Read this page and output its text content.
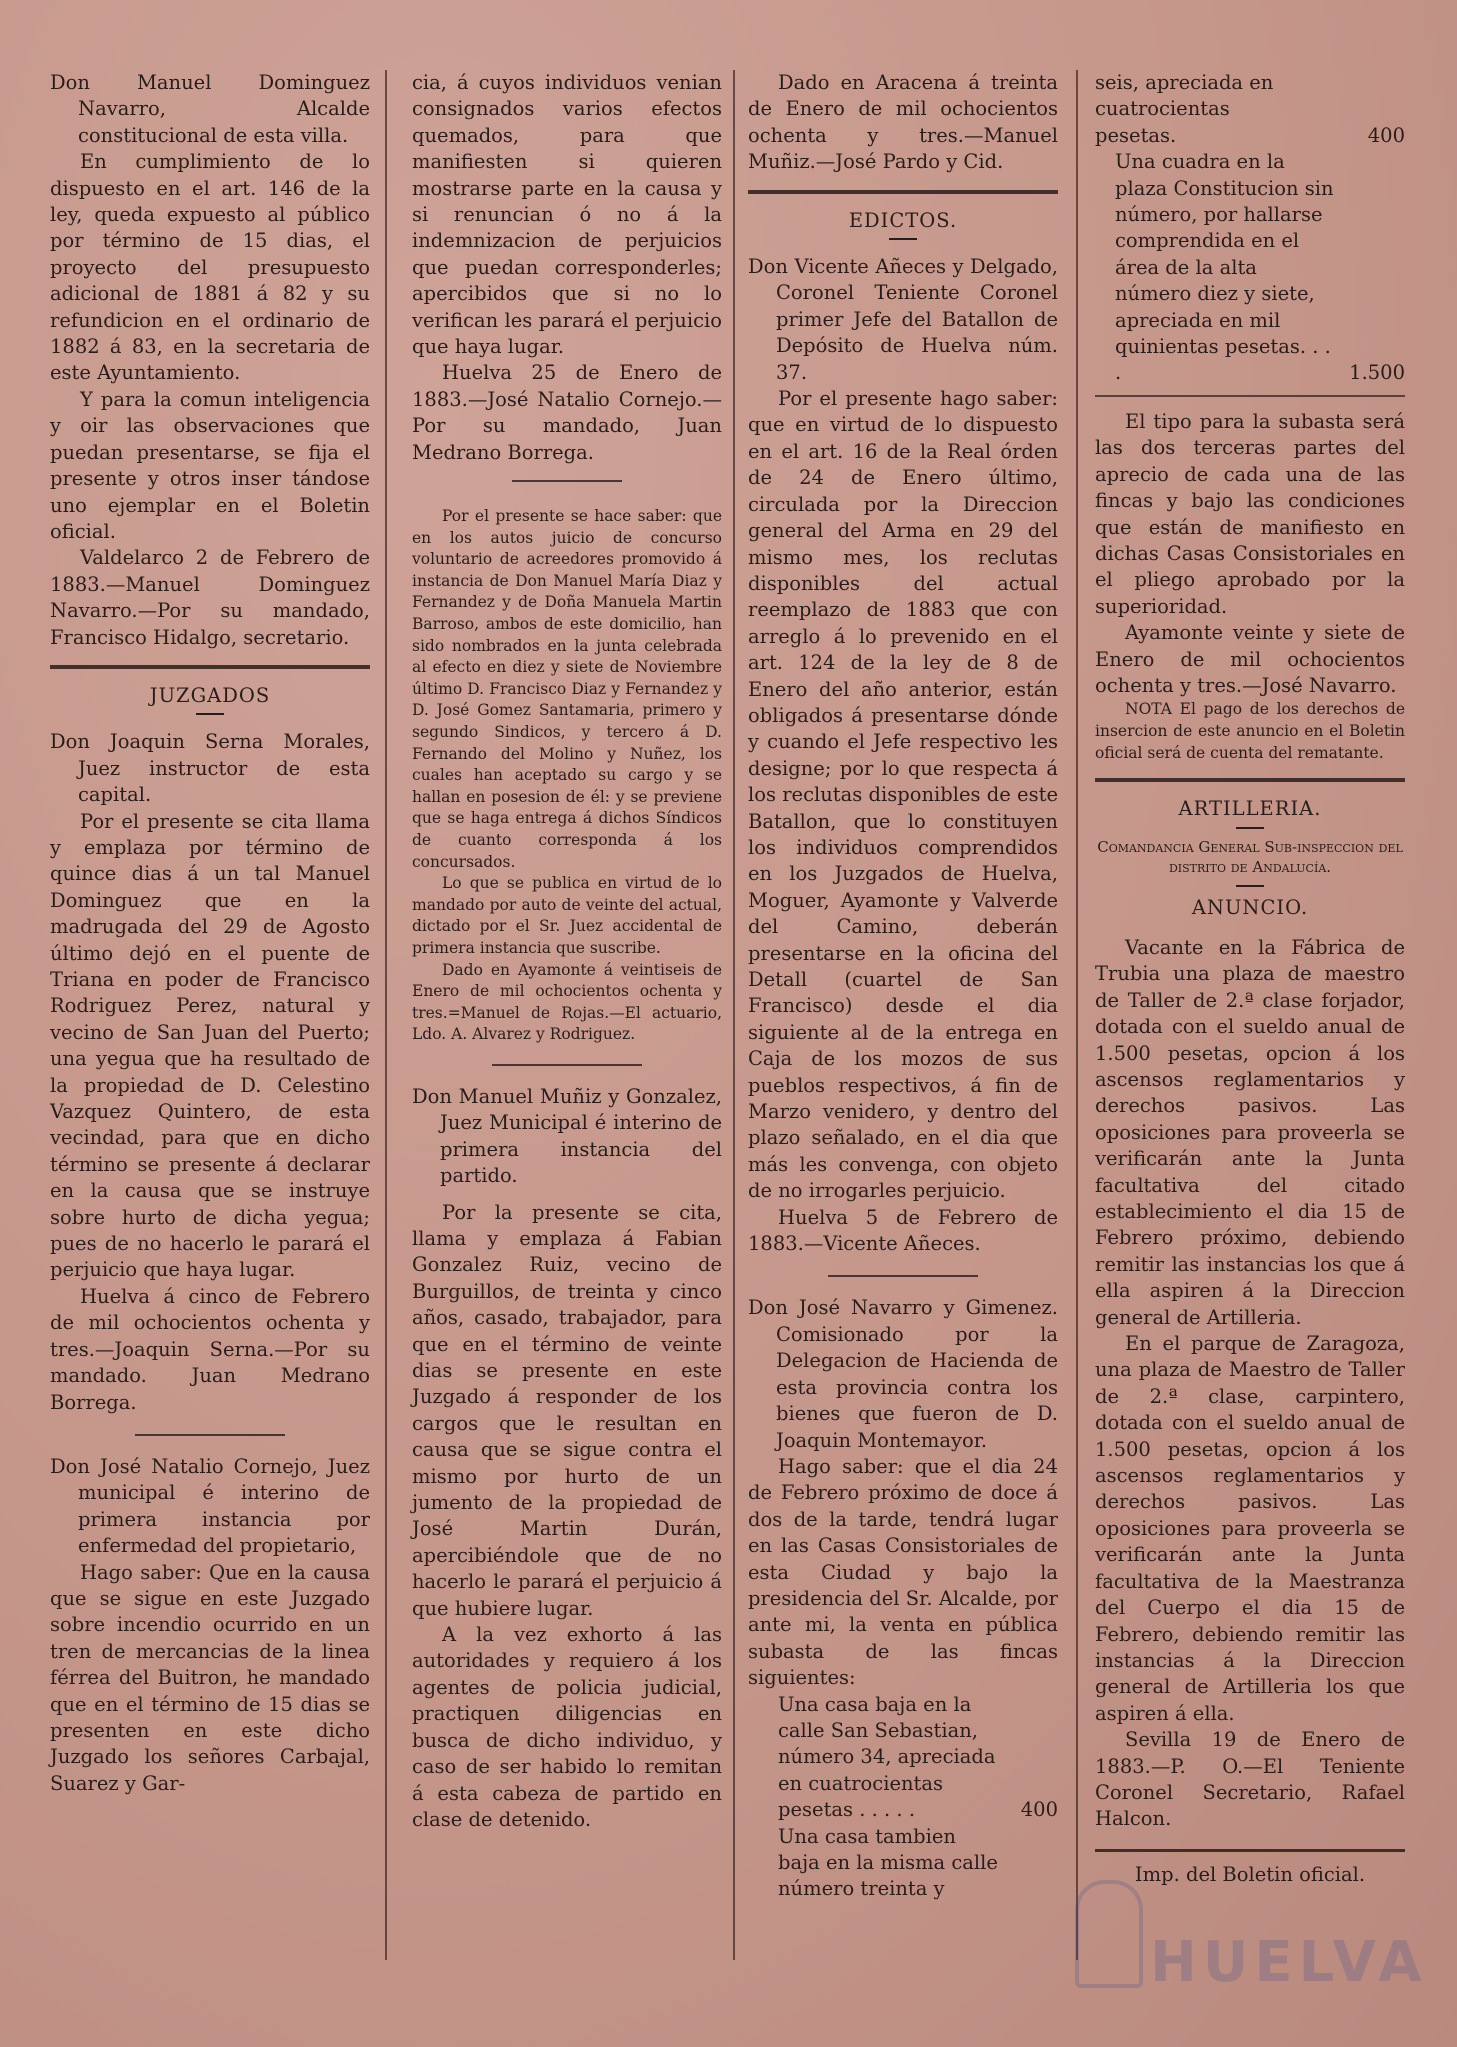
Don Manuel Dominguez Navarro, Alcalde constitucional de esta villa.

En cumplimiento de lo dispuesto en el art. 146 de la ley, queda expuesto al público por término de 15 dias, el proyecto del presupuesto adicional de 1881 á 82 y su refundicion en el ordinario de 1882 á 83, en la secretaria de este Ayuntamiento.

Y para la comun inteligencia y oir las observaciones que puedan presentarse, se fija el presente y otros inser tándose uno ejemplar en el Boletin oficial.

Valdelarco 2 de Febrero de 1883.—Manuel Dominguez Navarro.—Por su mandado, Francisco Hidalgo, secretario.

JUZGADOS

Don Joaquin Serna Morales, Juez instructor de esta capital.

Por el presente se cita llama y emplaza por término de quince dias á un tal Manuel Dominguez que en la madrugada del 29 de Agosto último dejó en el puente de Triana en poder de Francisco Rodriguez Perez, natural y vecino de San Juan del Puerto; una yegua que ha resultado de la propiedad de D. Celestino Vazquez Quintero, de esta vecindad, para que en dicho término se presente á declarar en la causa que se instruye sobre hurto de dicha yegua; pues de no hacerlo le parará el perjuicio que haya lugar.

Huelva á cinco de Febrero de mil ochocientos ochenta y tres.—Joaquin Serna.—Por su mandado. Juan Medrano Borrega.

Don José Natalio Cornejo, Juez municipal é interino de primera instancia por enfermedad del propietario,

Hago saber: Que en la causa que se sigue en este Juzgado sobre incendio ocurrido en un tren de mercancias de la linea férrea del Buitron, he mandado que en el término de 15 dias se presenten en este dicho Juzgado los señores Carbajal, Suarez y Gar-

cia, á cuyos individuos venian consignados varios efectos quemados, para que manifiesten si quieren mostrarse parte en la causa y si renuncian ó no á la indemnizacion de perjuicios que puedan corresponderles; apercibidos que si no lo verifican les parará el perjuicio que haya lugar.

Huelva 25 de Enero de 1883.—José Natalio Cornejo.—Por su mandado, Juan Medrano Borrega.

Por el presente se hace saber: que en los autos juicio de concurso voluntario de acreedores promovido á instancia de Don Manuel María Diaz y Fernandez y de Doña Manuela Martin Barroso, ambos de este domicilio, han sido nombrados en la junta celebrada al efecto en diez y siete de Noviembre último D. Francisco Diaz y Fernandez y D. José Gomez Santamaria, primero y segundo Sindicos, y tercero á D. Fernando del Molino y Nuñez, los cuales han aceptado su cargo y se hallan en posesion de él: y se previene que se haga entrega á dichos Síndicos de cuanto corresponda á los concursados.

Lo que se publica en virtud de lo mandado por auto de veinte del actual, dictado por el Sr. Juez accidental de primera instancia que suscribe.

Dado en Ayamonte á veintiseis de Enero de mil ochocientos ochenta y tres.=Manuel de Rojas.—El actuario, Ldo. A. Alvarez y Rodriguez.

Don Manuel Muñiz y Gonzalez, Juez Municipal é interino de primera instancia del partido.

Por la presente se cita, llama y emplaza á Fabian Gonzalez Ruiz, vecino de Burguillos, de treinta y cinco años, casado, trabajador, para que en el término de veinte dias se presente en este Juzgado á responder de los cargos que le resultan en causa que se sigue contra el mismo por hurto de un jumento de la propiedad de José Martin Durán, apercibiéndole que de no hacerlo le parará el perjuicio á que hubiere lugar.

A la vez exhorto á las autoridades y requiero á los agentes de policia judicial, practiquen diligencias en busca de dicho individuo, y caso de ser habido lo remitan á esta cabeza de partido en clase de detenido.

Dado en Aracena á treinta de Enero de mil ochocientos ochenta y tres.—Manuel Muñiz.—José Pardo y Cid.

EDICTOS.

Don Vicente Añeces y Delgado, Coronel Teniente Coronel primer Jefe del Batallon de Depósito de Huelva núm. 37.

Por el presente hago saber: que en virtud de lo dispuesto en el art. 16 de la Real órden de 24 de Enero último, circulada por la Direccion general del Arma en 29 del mismo mes, los reclutas disponibles del actual reemplazo de 1883 que con arreglo á lo prevenido en el art. 124 de la ley de 8 de Enero del año anterior, están obligados á presentarse dónde y cuando el Jefe respectivo les designe; por lo que respecta á los reclutas disponibles de este Batallon, que lo constituyen los individuos comprendidos en los Juzgados de Huelva, Moguer, Ayamonte y Valverde del Camino, deberán presentarse en la oficina del Detall (cuartel de San Francisco) desde el dia siguiente al de la entrega en Caja de los mozos de sus pueblos respectivos, á fin de Marzo venidero, y dentro del plazo señalado, en el dia que más les convenga, con objeto de no irrogarles perjuicio.

Huelva 5 de Febrero de 1883.—Vicente Añeces.

Don José Navarro y Gimenez. Comisionado por la Delegacion de Hacienda de esta provincia contra los bienes que fueron de D. Joaquin Montemayor.

Hago saber: que el dia 24 de Febrero próximo de doce á dos de la tarde, tendrá lugar en las Casas Consistoriales de esta Ciudad y bajo la presidencia del Sr. Alcalde, por ante mi, la venta en pública subasta de las fincas siguientes:

Una casa baja en la calle San Sebastian, número 34, apreciada en cuatrocientas pesetas . . . . .	400
Una casa tambien baja en la misma calle número treinta y
seis, apreciada en cuatrocientas pesetas.	400
Una cuadra en la plaza Constitucion sin número, por hallarse comprendida en el área de la alta número diez y siete, apreciada en mil quinientas pesetas. . . .	1.500

El tipo para la subasta será las dos terceras partes del aprecio de cada una de las fincas y bajo las condiciones que están de manifiesto en dichas Casas Consistoriales en el pliego aprobado por la superioridad.

Ayamonte veinte y siete de Enero de mil ochocientos ochenta y tres.—José Navarro.

NOTA El pago de los derechos de insercion de este anuncio en el Boletin oficial será de cuenta del rematante.

ARTILLERIA.
Comandancia General Sub-inspeccion del distrito de Andalucía.
ANUNCIO.

Vacante en la Fábrica de Trubia una plaza de maestro de Taller de 2.ª clase forjador, dotada con el sueldo anual de 1.500 pesetas, opcion á los ascensos reglamentarios y derechos pasivos. Las oposiciones para proveerla se verificarán ante la Junta facultativa del citado establecimiento el dia 15 de Febrero próximo, debiendo remitir las instancias los que á ella aspiren á la Direccion general de Artilleria.

En el parque de Zaragoza, una plaza de Maestro de Taller de 2.ª clase, carpintero, dotada con el sueldo anual de 1.500 pesetas, opcion á los ascensos reglamentarios y derechos pasivos. Las oposiciones para proveerla se verificarán ante la Junta facultativa de la Maestranza del Cuerpo el dia 15 de Febrero, debiendo remitir las instancias á la Direccion general de Artilleria los que aspiren á ella.

Sevilla 19 de Enero de 1883.—P. O.—El Teniente Coronel Secretario, Rafael Halcon.

Imp. del Boletin oficial.
HUELVA
